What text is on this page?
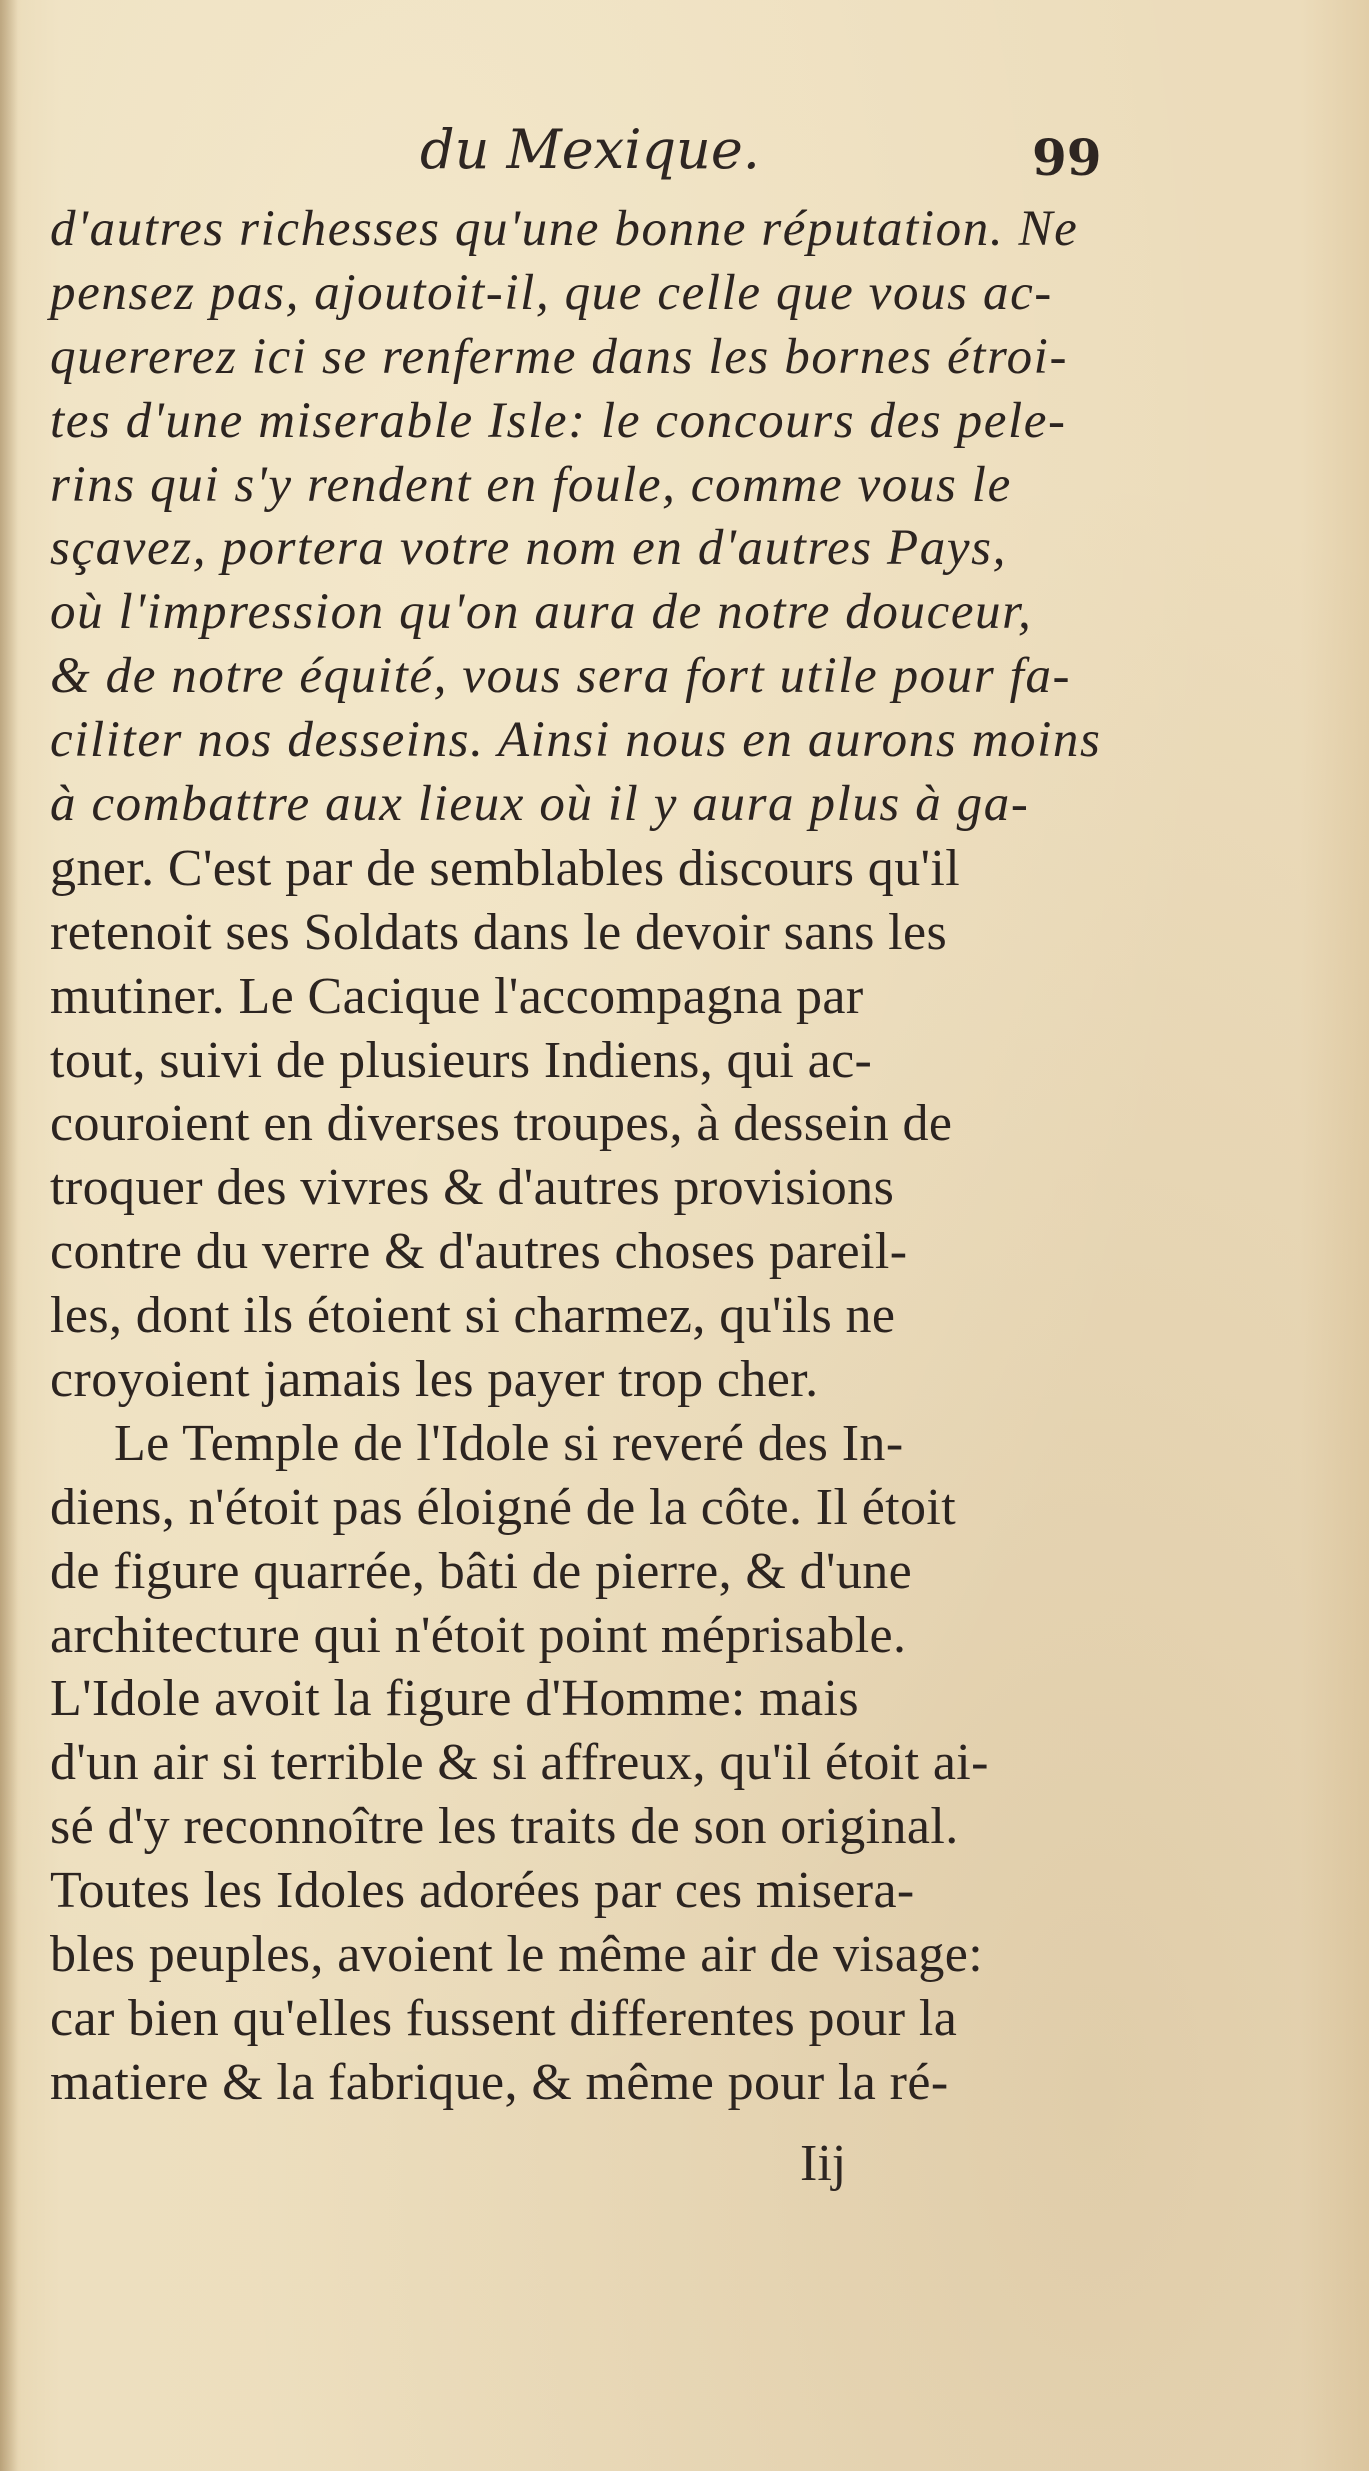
du Mexique.	99
d'autres richesses qu'une bonne réputation. Ne
pensez pas, ajoutoit-il, que celle que vous ac-
quererez ici se renferme dans les bornes étroi-
tes d'une miserable Isle: le concours des pele-
rins qui s'y rendent en foule, comme vous le
sçavez, portera votre nom en d'autres Pays,
où l'impression qu'on aura de notre douceur,
& de notre équité, vous sera fort utile pour fa-
ciliter nos desseins. Ainsi nous en aurons moins
à combattre aux lieux où il y aura plus à ga-
gner. C'est par de semblables discours qu'il
retenoit ses Soldats dans le devoir sans les
mutiner. Le Cacique l'accompagna par
tout, suivi de plusieurs Indiens, qui ac-
couroient en diverses troupes, à dessein de
troquer des vivres & d'autres provisions
contre du verre & d'autres choses pareil-
les, dont ils étoient si charmez, qu'ils ne
croyoient jamais les payer trop cher.
Le Temple de l'Idole si reveré des In-
diens, n'étoit pas éloigné de la côte. Il étoit
de figure quarrée, bâti de pierre, & d'une
architecture qui n'étoit point méprisable.
L'Idole avoit la figure d'Homme: mais
d'un air si terrible & si affreux, qu'il étoit ai-
sé d'y reconnoître les traits de son original.
Toutes les Idoles adorées par ces misera-
bles peuples, avoient le même air de visage:
car bien qu'elles fussent differentes pour la
matiere & la fabrique, & même pour la ré-
Iij
